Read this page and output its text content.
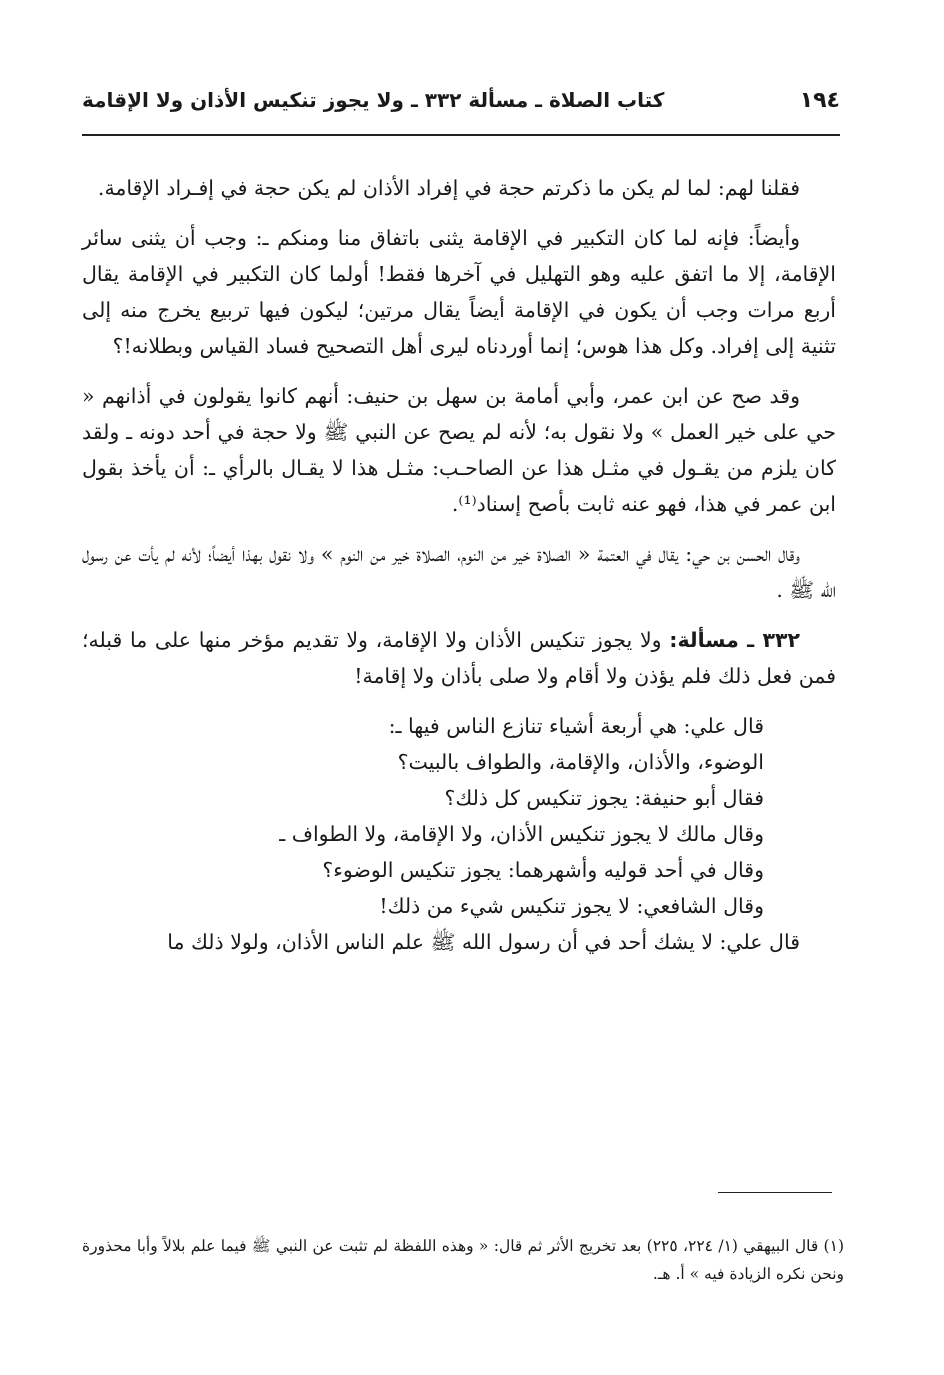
١٩٤
كتاب الصلاة ـ مسألة ٣٣٢ ـ ولا يجوز تنكيس الأذان ولا الإقامة

فقلنا لهم: لما لم يكن ما ذكرتم حجة في إفراد الأذان لم يكن حجة في إفـراد الإقامة.

وأيضاً: فإنه لما كان التكبير في الإقامة يثنى باتفاق منا ومنكم ـ: وجب أن يثنى سائر الإقامة، إلا ما اتفق عليه وهو التهليل في آخرها فقط! أولما كان التكبير في الإقامة يقال أربع مرات وجب أن يكون في الإقامة أيضاً يقال مرتين؛ ليكون فيها تربيع يخرج منه إلى تثنية إلى إفراد. وكل هذا هوس؛ إنما أوردناه ليرى أهل التصحيح فساد القياس وبطلانه!؟

وقد صح عن ابن عمر، وأبي أمامة بن سهل بن حنيف: أنهم كانوا يقولون في أذانهم « حي على خير العمل » ولا نقول به؛ لأنه لم يصح عن النبي ﷺ ولا حجة في أحد دونه ـ ولقد كان يلزم من يقـول في مثـل هذا عن الصاحـب: مثـل هذا لا يقـال بالرأي ـ: أن يأخذ بقول ابن عمر في هذا، فهو عنه ثابت بأصح إسناد⁽¹⁾.

وقال الحسن بن حي: يقال في العتمة « الصلاة خير من النوم، الصلاة خير من النوم » ولا نقول بهذا أيضاً؛ لأنه لم يأت عن رسول الله ﷺ .

٣٣٢ ـ مسألة: ولا يجوز تنكيس الأذان ولا الإقامة، ولا تقديم مؤخر منها على ما قبله؛ فمن فعل ذلك فلم يؤذن ولا أقام ولا صلى بأذان ولا إقامة!

قال علي: هي أربعة أشياء تنازع الناس فيها ـ:
الوضوء، والأذان، والإقامة، والطواف بالبيت؟
فقال أبو حنيفة: يجوز تنكيس كل ذلك؟
وقال مالك لا يجوز تنكيس الأذان، ولا الإقامة، ولا الطواف ـ
وقال في أحد قوليه وأشهرهما: يجوز تنكيس الوضوء؟
وقال الشافعي: لا يجوز تنكيس شيء من ذلك!
قال علي: لا يشك أحد في أن رسول الله ﷺ علم الناس الأذان، ولولا ذلك ما

(١) قال البيهقي (١/ ٢٢٤، ٢٢٥) بعد تخريج الأثر ثم قال: « وهذه اللفظة لم تثبت عن النبي ﷺ فيما علم بلالاً وأبا محذورة ونحن نكره الزيادة فيه » أ. هـ.
